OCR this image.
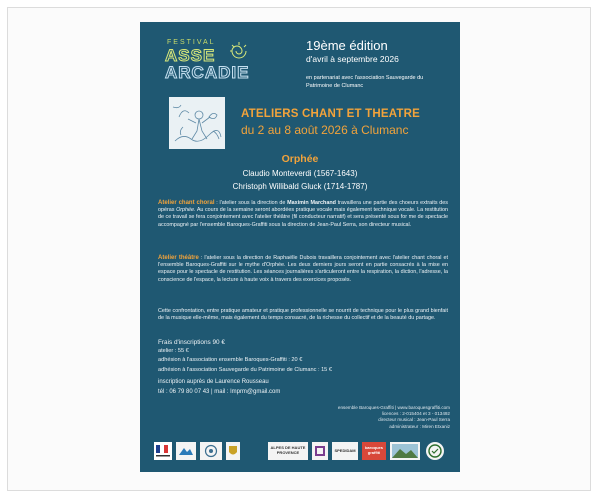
FESTIVAL
ASSE
ARCADIE
19ème édition
d'avril à septembre 2026
en partenariat avec l'association Sauvegarde du Patrimoine de Clumanc
ATELIERS CHANT ET THEATRE
du 2 au 8 août 2026 à Clumanc
Orphée
Claudio Monteverdi (1567-1643)
Christoph Willibald Gluck (1714-1787)
Atelier chant choral : l'atelier sous la direction de Maximin Marchand travaillera une partie des choeurs extraits des opéras Orphée. Au cours de la semaine seront abordées pratique vocale mais également technique vocale. La restitution de ce travail se fera conjointement avec l'atelier théâtre (fil conducteur narratif) et sera présenté sous for me de spectacle accompagné par l'ensemble Baroques-Graffiti sous la direction de Jean-Paul Serra, son directeur musical.
Atelier théâtre : l'atelier sous la direction de Raphaëlle Dubois travaillera conjointement avec l'atelier chant choral et l'ensemble Baroques-Graffiti sur le mythe d'Orphée. Les deux derniers jours seront en partie consacrés à la mise en espace pour le spectacle de restitution. Les séances journalières s'articuleront entre la respiration, la diction, l'adresse, la conscience de l'espace, la lecture à haute voix à travers des exercices proposés.
Cette confrontation, entre pratique amateur et pratique professionnelle se nourrit de technique pour le plus grand bienfait de la musique elle-même, mais également du temps consacré, de la richesse du collectif et de la beauté du partage.
Frais d'inscriptions 90 €
atelier : 55 €
adhésion à l'association ensemble Baroques-Graffiti : 20 €
adhésion à l'association Sauvegarde du Patrimoine de Clumanc : 15 €
inscription auprès de Laurence Rousseau
tél : 06 79 80 07 43 | mail : lmprm@gmail.com
ensemble Baroques-Graffiti | www.baroquesgraffiti.com
licences : 2-015404 et 3 - 013492
directeur musical : Jean-Paul Serra
administrateur : Miren Etxaniz
ALPES DE HAUTE PROVENCE	SPEDIDAM	baroques graffiti
